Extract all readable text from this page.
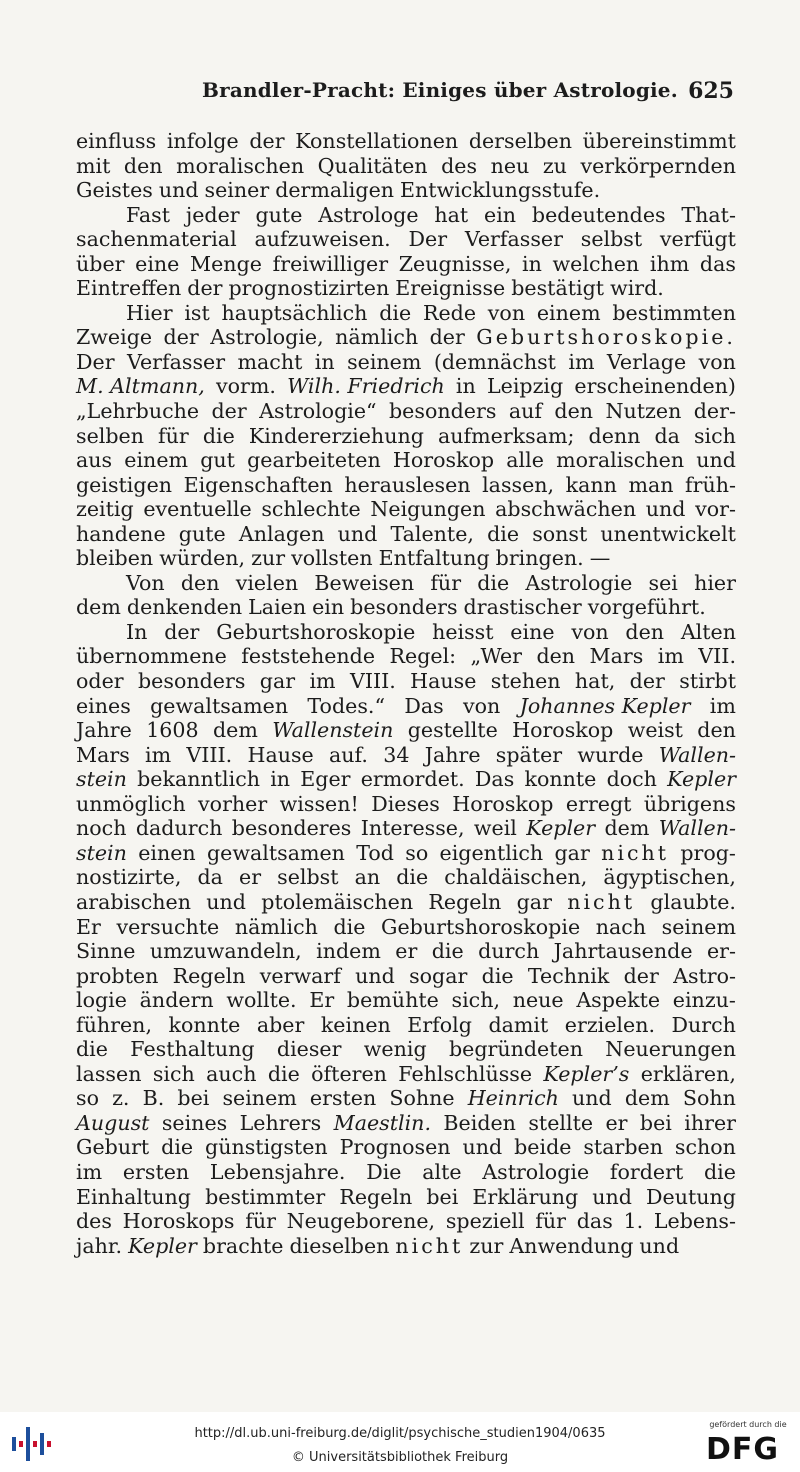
Brandler-Pracht: Einiges über Astrologie. 625
einfluss infolge der Konstellationen derselben übereinstimmt
mit den moralischen Qualitäten des neu zu verkörpernden
Geistes und seiner dermaligen Entwicklungsstufe.
Fast jeder gute Astrologe hat ein bedeutendes That-
sachenmaterial aufzuweisen. Der Verfasser selbst verfügt
über eine Menge freiwilliger Zeugnisse, in welchen ihm das
Eintreffen der prognostizirten Ereignisse bestätigt wird.
Hier ist hauptsächlich die Rede von einem bestimmten
Zweige der Astrologie, nämlich der Geburtshoroskopie.
Der Verfasser macht in seinem (demnächst im Verlage von
M. Altmann, vorm. Wilh. Friedrich in Leipzig erscheinenden)
„Lehrbuche der Astrologie“ besonders auf den Nutzen der-
selben für die Kindererziehung aufmerksam; denn da sich
aus einem gut gearbeiteten Horoskop alle moralischen und
geistigen Eigenschaften herauslesen lassen, kann man früh-
zeitig eventuelle schlechte Neigungen abschwächen und vor-
handene gute Anlagen und Talente, die sonst unentwickelt
bleiben würden, zur vollsten Entfaltung bringen. —
Von den vielen Beweisen für die Astrologie sei hier
dem denkenden Laien ein besonders drastischer vorgeführt.
In der Geburtshoroskopie heisst eine von den Alten
übernommene feststehende Regel: „Wer den Mars im VII.
oder besonders gar im VIII. Hause stehen hat, der stirbt
eines gewaltsamen Todes.“ Das von Johannes Kepler im
Jahre 1608 dem Wallenstein gestellte Horoskop weist den
Mars im VIII. Hause auf. 34 Jahre später wurde Wallen-
stein bekanntlich in Eger ermordet. Das konnte doch Kepler
unmöglich vorher wissen! Dieses Horoskop erregt übrigens
noch dadurch besonderes Interesse, weil Kepler dem Wallen-
stein einen gewaltsamen Tod so eigentlich gar nicht prog-
nostizirte, da er selbst an die chaldäischen, ägyptischen,
arabischen und ptolemäischen Regeln gar nicht glaubte.
Er versuchte nämlich die Geburtshoroskopie nach seinem
Sinne umzuwandeln, indem er die durch Jahrtausende er-
probten Regeln verwarf und sogar die Technik der Astro-
logie ändern wollte. Er bemühte sich, neue Aspekte einzu-
führen, konnte aber keinen Erfolg damit erzielen. Durch
die Festhaltung dieser wenig begründeten Neuerungen
lassen sich auch die öfteren Fehlschlüsse Kepler’s erklären,
so z. B. bei seinem ersten Sohne Heinrich und dem Sohn
August seines Lehrers Maestlin. Beiden stellte er bei ihrer
Geburt die günstigsten Prognosen und beide starben schon
im ersten Lebensjahre. Die alte Astrologie fordert die
Einhaltung bestimmter Regeln bei Erklärung und Deutung
des Horoskops für Neugeborene, speziell für das 1. Lebens-
jahr. Kepler brachte dieselben nicht zur Anwendung und
http://dl.ub.uni-freiburg.de/diglit/psychische_studien1904/0635
© Universitätsbibliothek Freiburg
gefördert durch die
DFG
